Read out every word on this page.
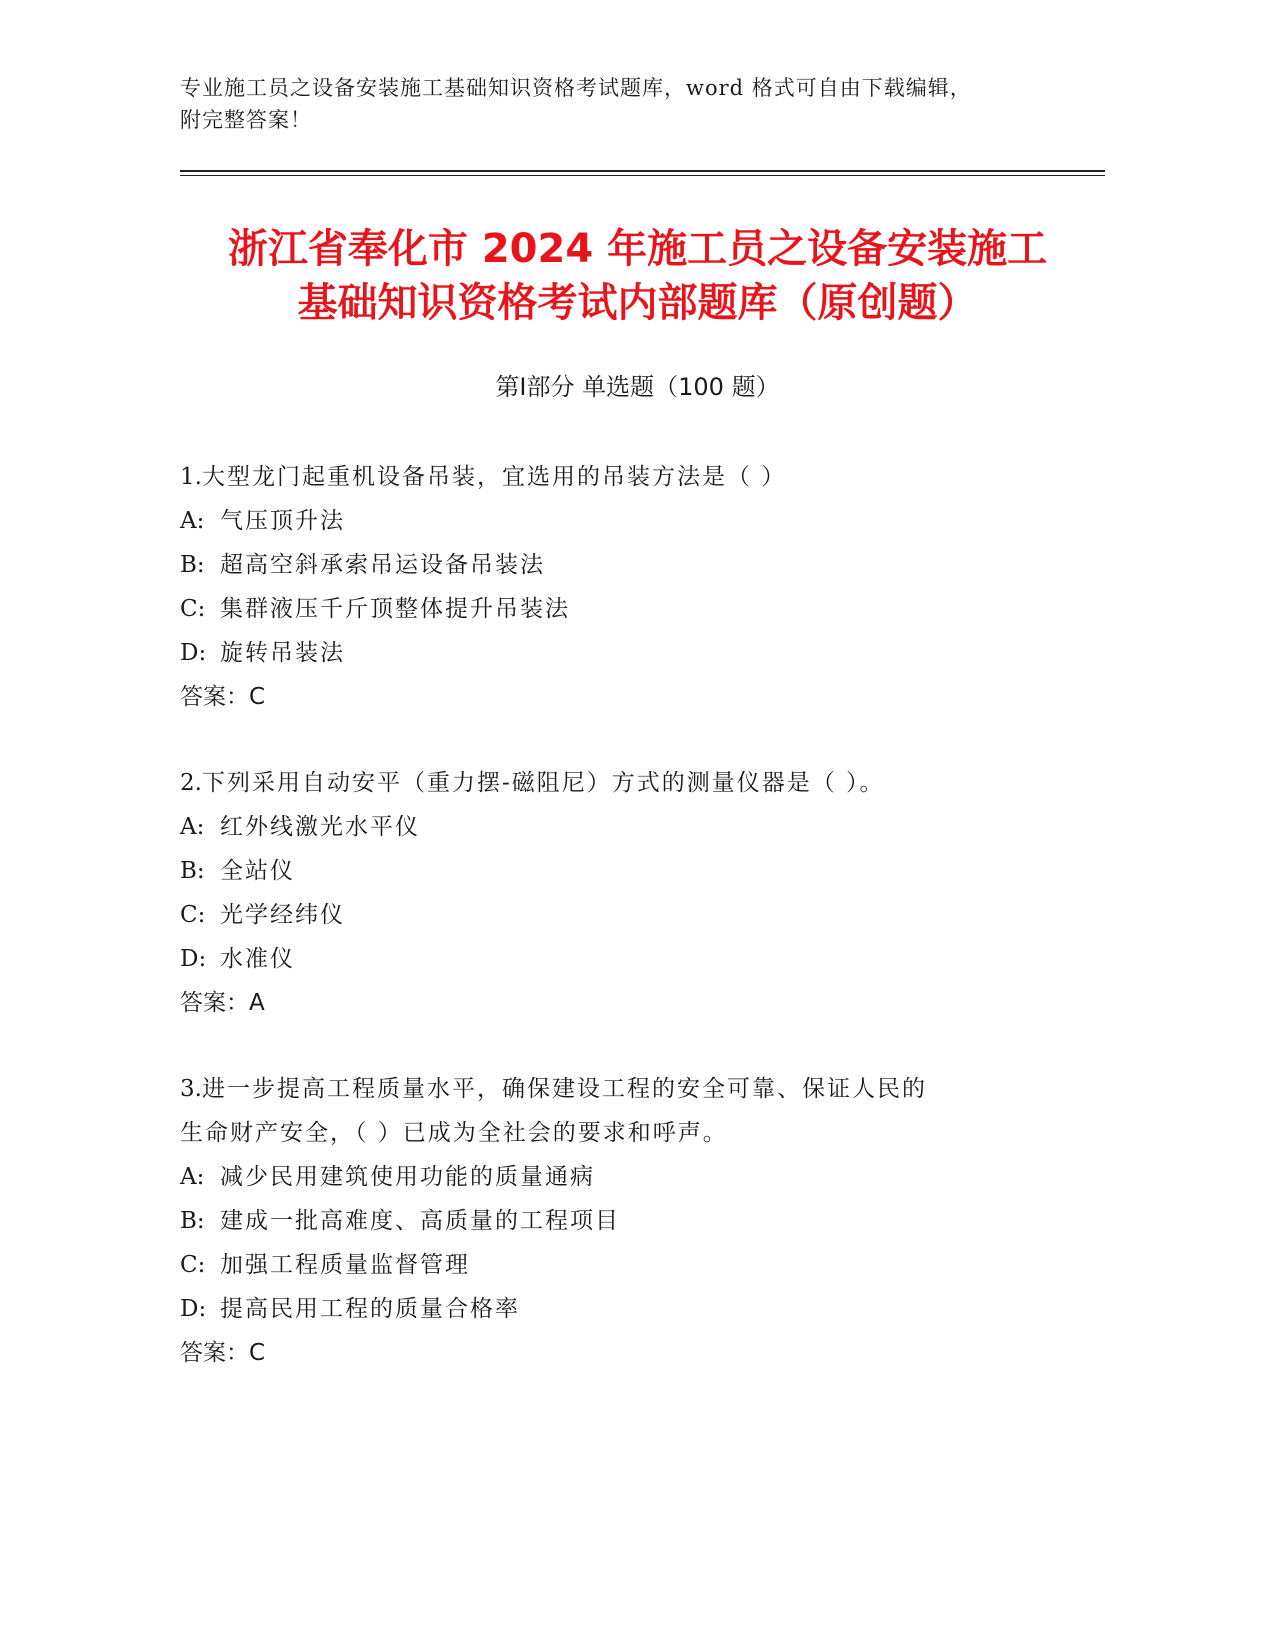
专业施工员之设备安装施工基础知识资格考试题库，word 格式可自由下载编辑，

附完整答案！

浙江省奉化市 2024 年施工员之设备安装施工
基础知识资格考试内部题库（原创题）
第Ⅰ部分 单选题（100 题）

1.大型龙门起重机设备吊装，宜选用的吊装方法是（ ）

A: 气压顶升法

B: 超高空斜承索吊运设备吊装法

C: 集群液压千斤顶整体提升吊装法

D: 旋转吊装法

答案：C

2.下列采用自动安平（重力摆-磁阻尼）方式的测量仪器是（ ）。

A: 红外线激光水平仪

B: 全站仪

C: 光学经纬仪

D: 水准仪

答案：A

3.进一步提高工程质量水平，确保建设工程的安全可靠、保证人民的

生命财产安全，（ ）已成为全社会的要求和呼声。

A: 减少民用建筑使用功能的质量通病

B: 建成一批高难度、高质量的工程项目

C: 加强工程质量监督管理

D: 提高民用工程的质量合格率

答案：C
